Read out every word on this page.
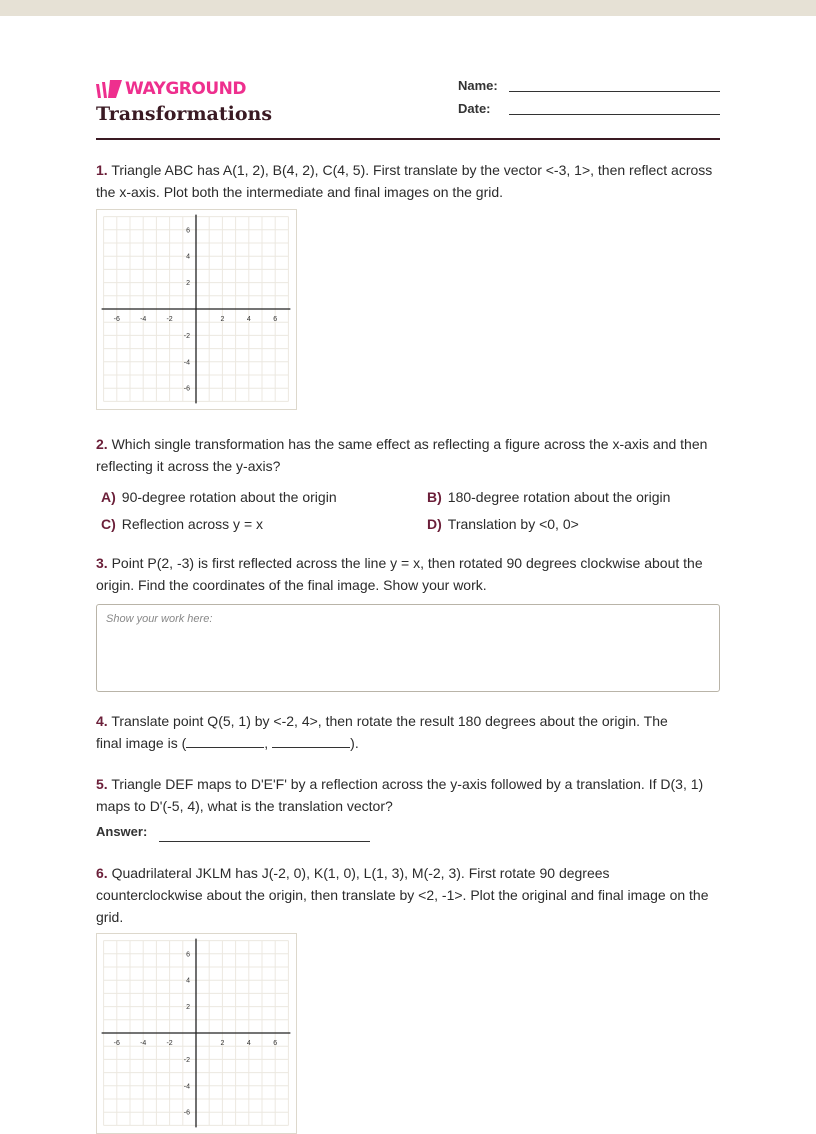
WAYGROUND
Transformations
Name:
Date:
1. Triangle ABC has A(1, 2), B(4, 2), C(4, 5). First translate by the vector <-3, 1>, then reflect across the x-axis. Plot both the intermediate and final images on the grid.
-6	-4	-2	2	4	6
6
4
2
-2
-4
-6
2. Which single transformation has the same effect as reflecting a figure across the x-axis and then reflecting it across the y-axis?
A) 90-degree rotation about the origin	B) 180-degree rotation about the origin
C) Reflection across y = x	D) Translation by <0, 0>
3. Point P(2, -3) is first reflected across the line y = x, then rotated 90 degrees clockwise about the origin. Find the coordinates of the final image. Show your work.
Show your work here:
4. Translate point Q(5, 1) by <-2, 4>, then rotate the result 180 degrees about the origin. The
final image is (	,	).
5. Triangle DEF maps to D'E'F' by a reflection across the y-axis followed by a translation. If D(3, 1) maps to D'(-5, 4), what is the translation vector?
Answer:
6. Quadrilateral JKLM has J(-2, 0), K(1, 0), L(1, 3), M(-2, 3). First rotate 90 degrees counterclockwise about the origin, then translate by <2, -1>. Plot the original and final image on the grid.
-6	-4	-2	2	4	6
6
4
2
-2
-4
-6
